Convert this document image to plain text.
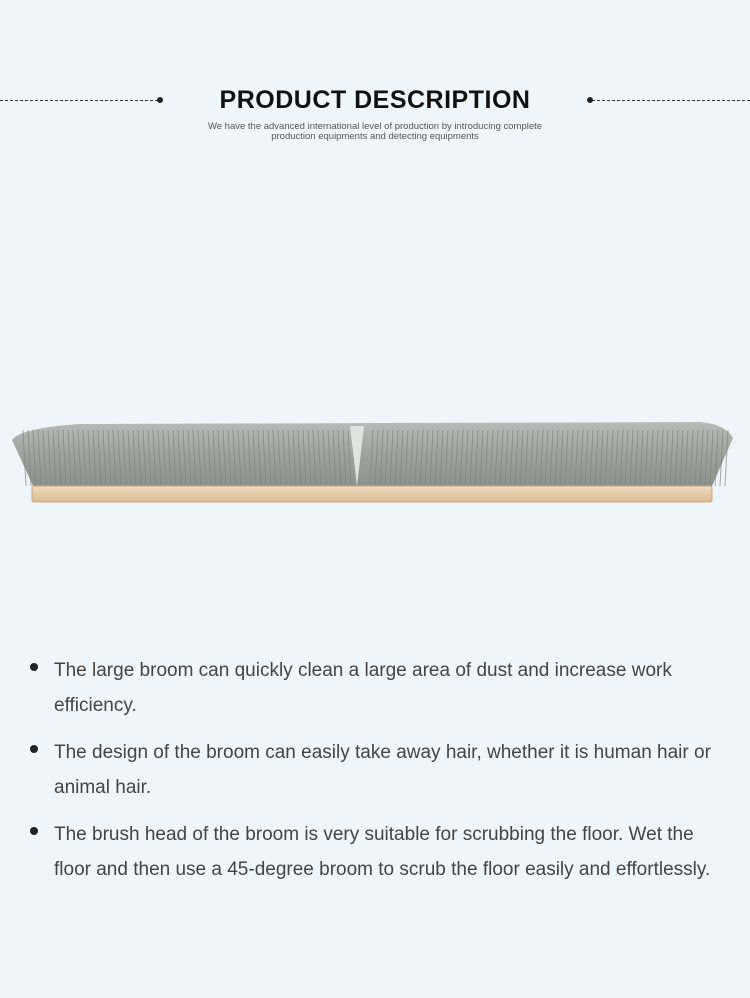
PRODUCT DESCRIPTION
We have the advanced international level of production by introducing complete production equipments and detecting equipments
The large broom can quickly clean a large area of dust and increase work efficiency.
The design of the broom can easily take away hair, whether it is human hair or animal hair.
The brush head of the broom is very suitable for scrubbing the floor. Wet the floor and then use a 45-degree broom to scrub the floor easily and effortlessly.
